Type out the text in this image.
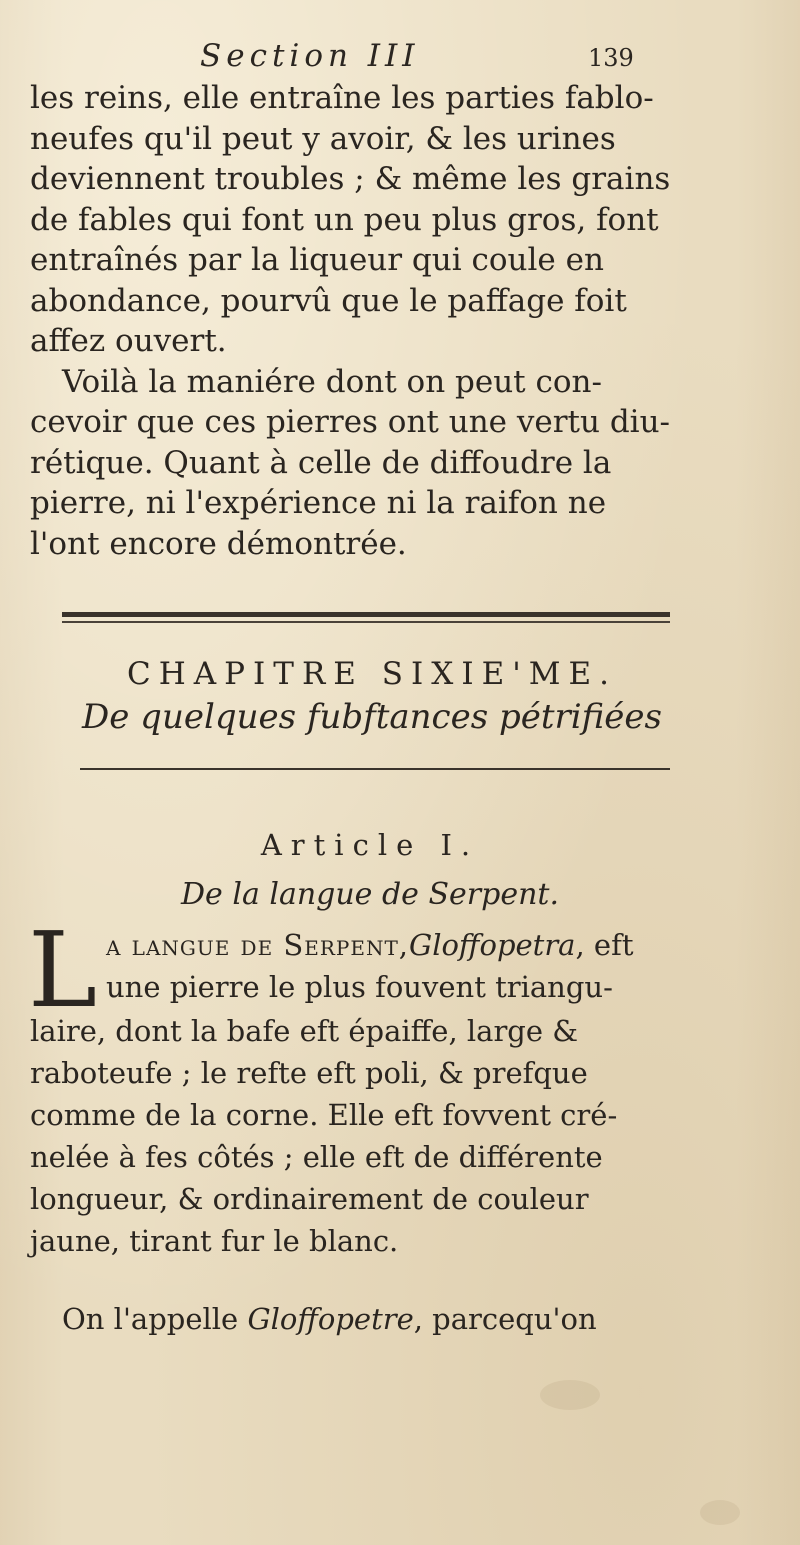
Section III	139

les reins, elle entraîne les parties fablo-

neufes qu'il peut y avoir, & les urines

deviennent troubles ; & même les grains

de fables qui font un peu plus gros, font

entraînés par la liqueur qui coule en

abondance, pourvû que le paffage foit

affez ouvert.

Voilà la maniére dont on peut con-

cevoir que ces pierres ont une vertu diu-

rétique. Quant à celle de diffoudre la

pierre, ni l'expérience ni la raifon ne

l'ont encore démontrée.

CHAPITRE SIXIE'ME.
De quelques fubftances pétrifiées
Article I.
De la langue de Serpent.
L a langue de Serpent,Gloffopetra, eft
une pierre le plus fouvent triangu-

laire, dont la bafe eft épaiffe, large &

raboteufe ; le refte eft poli, & prefque

comme de la corne. Elle eft fovvent cré-

nelée à fes côtés ; elle eft de différente

longueur, & ordinairement de couleur

jaune, tirant fur le blanc.

On l'appelle Gloffopetre, parcequ'on
